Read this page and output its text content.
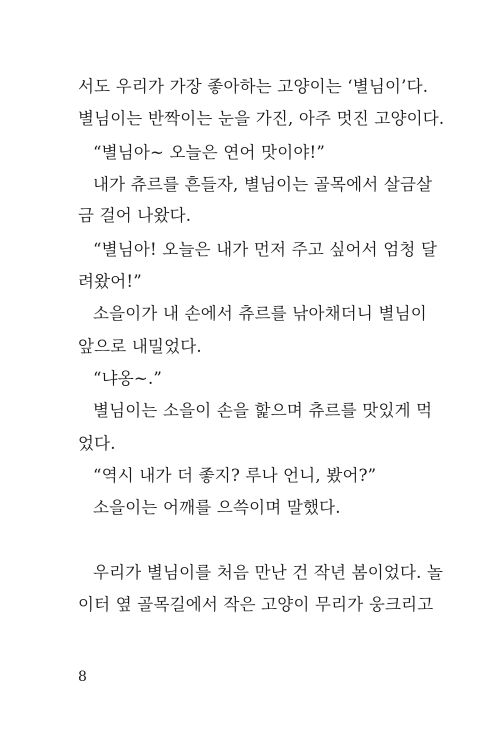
서도 우리가 가장 좋아하는 고양이는 ‘별님이’다.
별님이는 반짝이는 눈을 가진, 아주 멋진 고양이다.
“별님아~ 오늘은 연어 맛이야!”
내가 츄르를 흔들자, 별님이는 골목에서 살금살
금 걸어 나왔다.
“별님아! 오늘은 내가 먼저 주고 싶어서 엄청 달
려왔어!”
소을이가 내 손에서 츄르를 낚아채더니 별님이
앞으로 내밀었다.
“냐옹~.”
별님이는 소을이 손을 핥으며 츄르를 맛있게 먹
었다.
“역시 내가 더 좋지? 루나 언니, 봤어?”
소을이는 어깨를 으쓱이며 말했다.
우리가 별님이를 처음 만난 건 작년 봄이었다. 놀
이터 옆 골목길에서 작은 고양이 무리가 웅크리고
8
